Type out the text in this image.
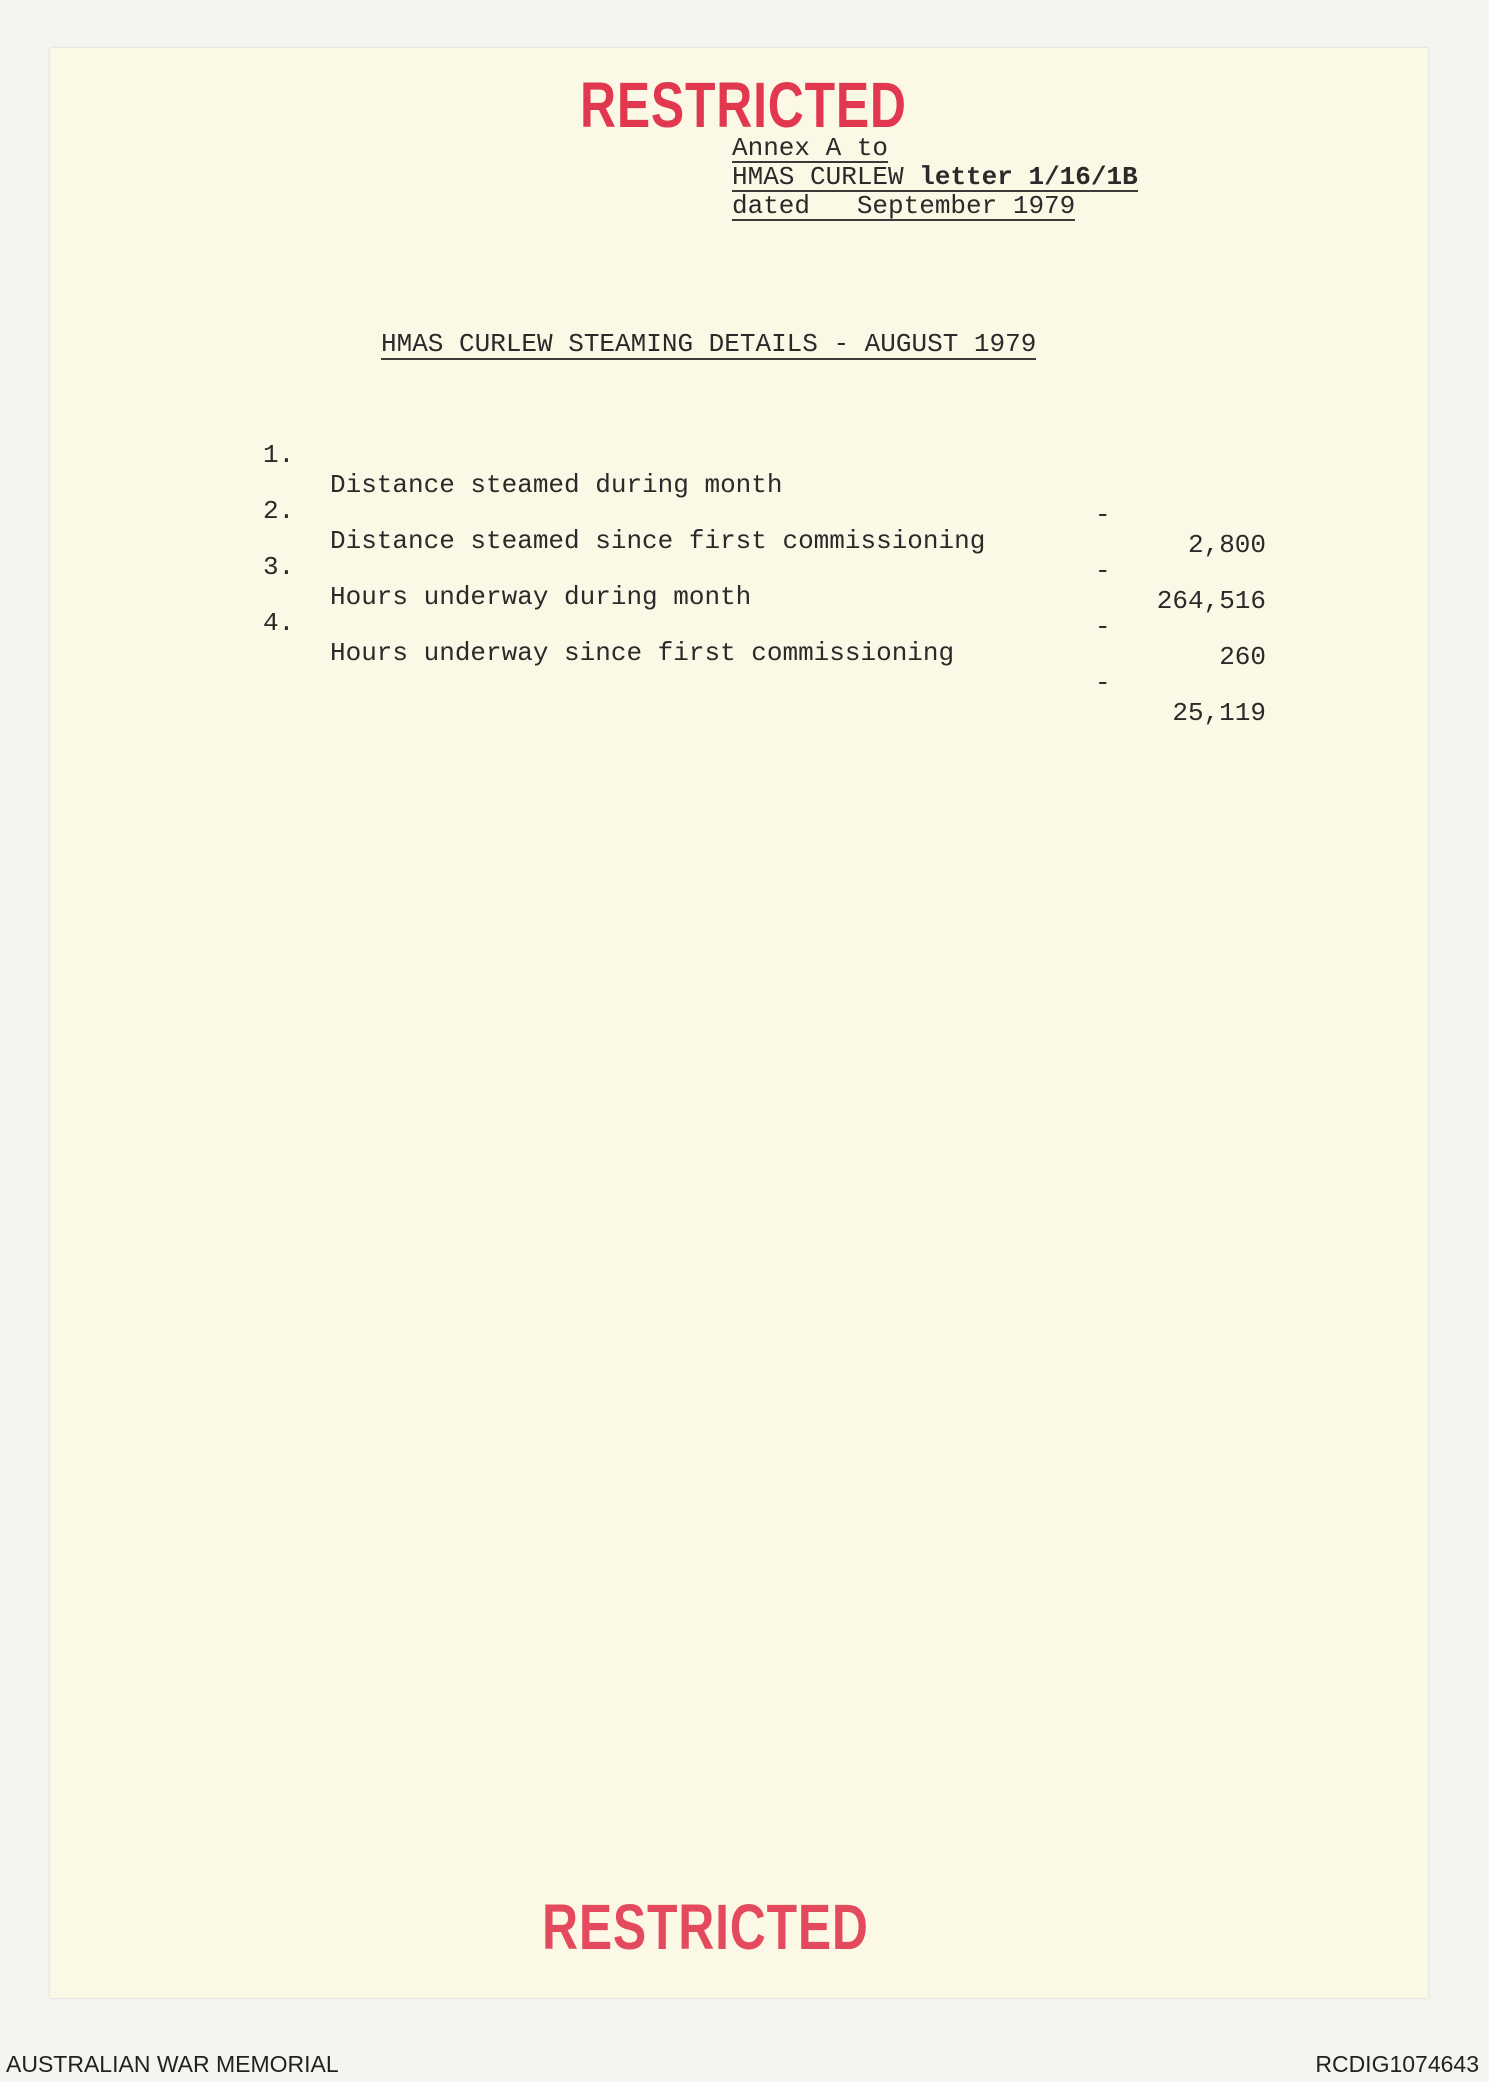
RESTRICTED
Annex A to
HMAS CURLEW letter 1/16/1B
dated   September 1979
HMAS CURLEW STEAMING DETAILS - AUGUST 1979

1.

Distance steamed during month

-

2,800

2.

Distance steamed since first commissioning

-

264,516

3.

Hours underway during month

-

260

4.

Hours underway since first commissioning

-

25,119

RESTRICTED
AUSTRALIAN WAR MEMORIAL	RCDIG1074643
